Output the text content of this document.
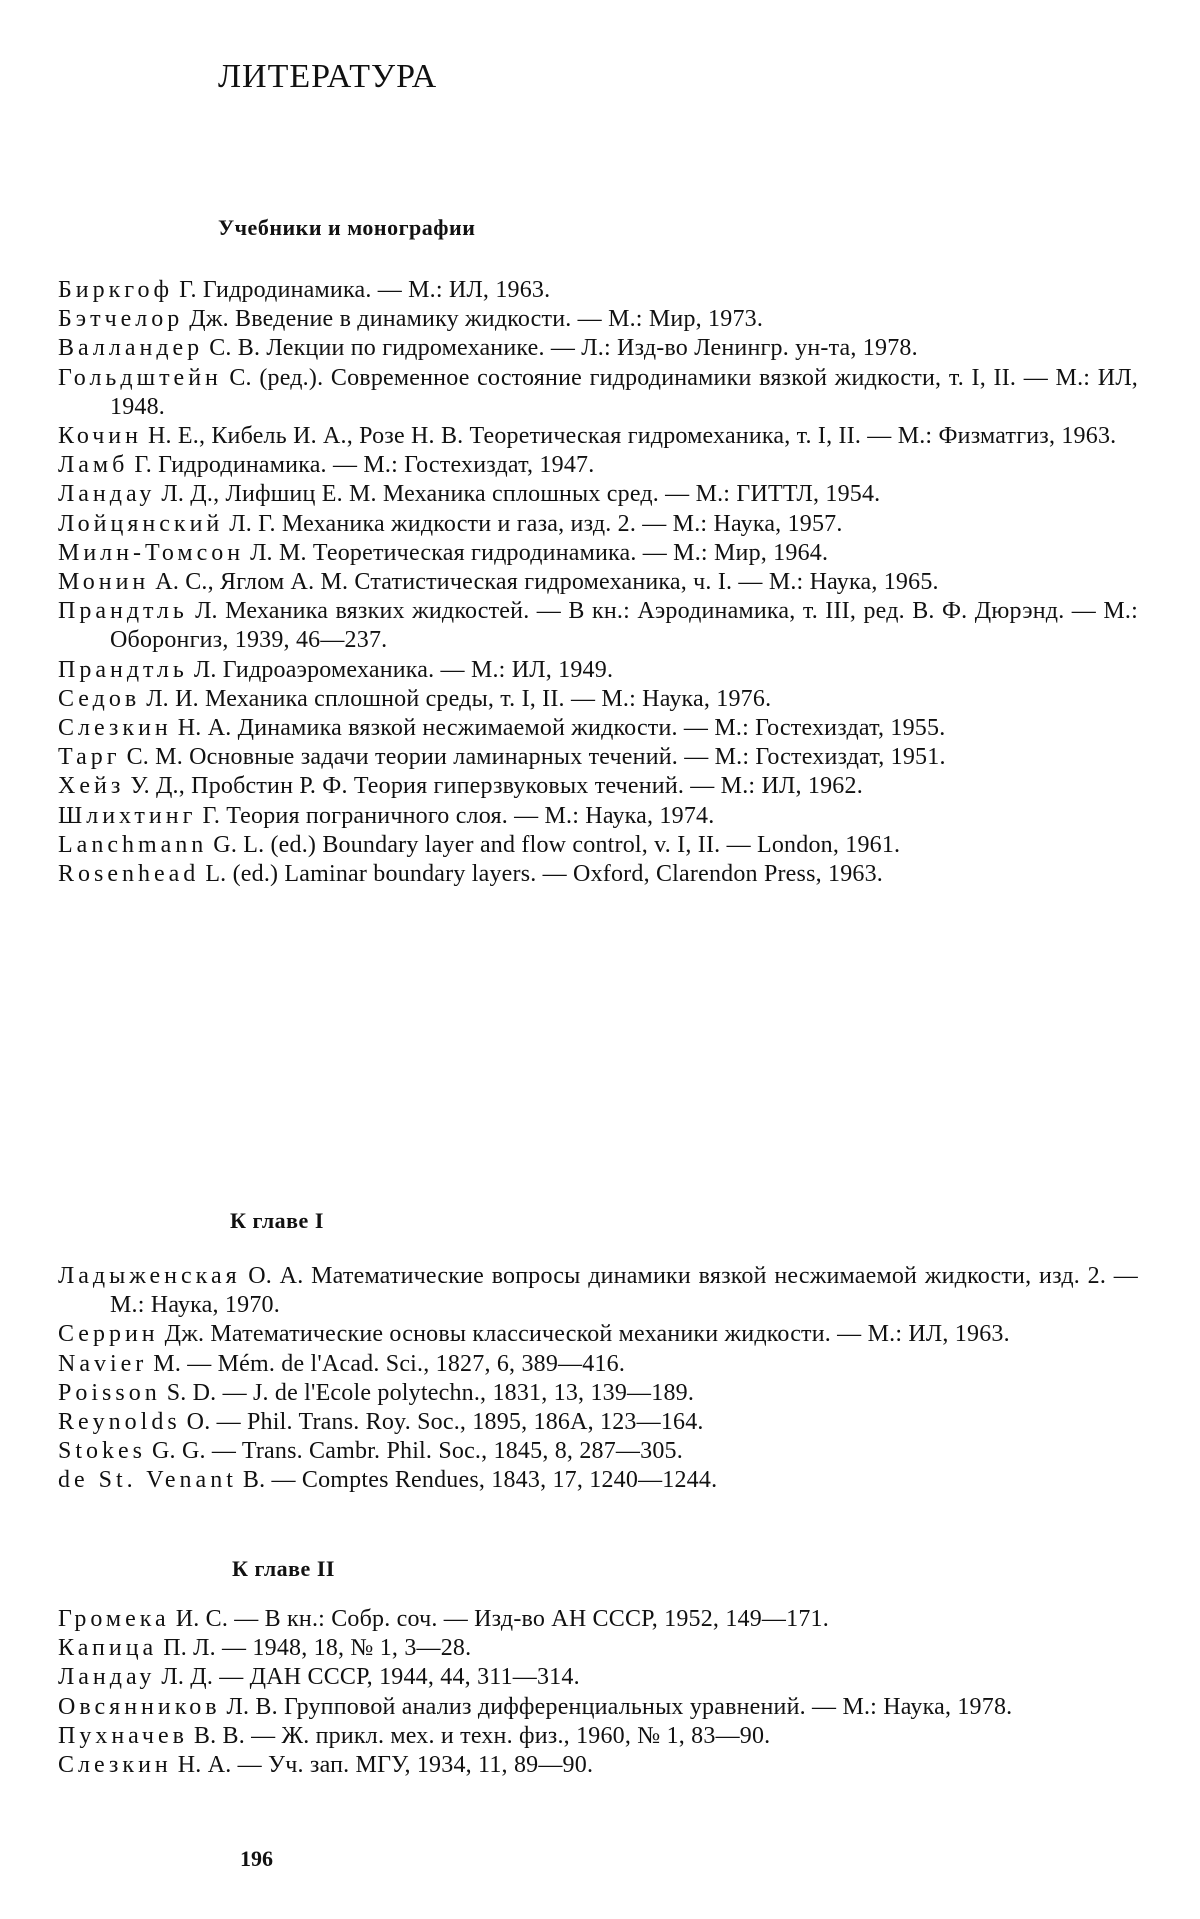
ЛИТЕРАТУРА
Учебники и монографии

Биркгоф Г. Гидродинамика. — М.: ИЛ, 1963.

Бэтчелор Дж. Введение в динамику жидкости. — М.: Мир, 1973.

Валландер С. В. Лекции по гидромеханике. — Л.: Изд-во Ленингр. ун-та, 1978.

Гольдштейн С. (ред.). Современное состояние гидродинамики вязкой жидкости, т. I, II. — М.: ИЛ, 1948.

Кочин Н. Е., Кибель И. А., Розе Н. В. Теоретическая гидромеханика, т. I, II. — М.: Физматгиз, 1963.

Ламб Г. Гидродинамика. — М.: Гостехиздат, 1947.

Ландау Л. Д., Лифшиц Е. М. Механика сплошных сред. — М.: ГИТТЛ, 1954.

Лойцянский Л. Г. Механика жидкости и газа, изд. 2. — М.: Наука, 1957.

Милн-Томсон Л. М. Теоретическая гидродинамика. — М.: Мир, 1964.

Монин А. С., Яглом А. М. Статистическая гидромеханика, ч. I. — М.: Наука, 1965.

Прандтль Л. Механика вязких жидкостей. — В кн.: Аэродинамика, т. III, ред. В. Ф. Дюрэнд. — М.: Оборонгиз, 1939, 46—237.

Прандтль Л. Гидроаэромеханика. — М.: ИЛ, 1949.

Седов Л. И. Механика сплошной среды, т. I, II. — М.: Наука, 1976.

Слезкин Н. А. Динамика вязкой несжимаемой жидкости. — М.: Гостехиздат, 1955.

Тарг С. М. Основные задачи теории ламинарных течений. — М.: Гостехиздат, 1951.

Хейз У. Д., Пробстин Р. Ф. Теория гиперзвуковых течений. — М.: ИЛ, 1962.

Шлихтинг Г. Теория пограничного слоя. — М.: Наука, 1974.

Lanchmann G. L. (ed.) Boundary layer and flow control, v. I, II. — London, 1961.

Rosenhead L. (ed.) Laminar boundary layers. — Oxford, Clarendon Press, 1963.

К главе I

Ладыженская О. А. Математические вопросы динамики вязкой несжимаемой жидкости, изд. 2. — М.: Наука, 1970.

Серрин Дж. Математические основы классической механики жидкости. — М.: ИЛ, 1963.

Navier M. — Mém. de l'Acad. Sci., 1827, 6, 389—416.

Poisson S. D. — J. de l'Ecole polytechn., 1831, 13, 139—189.

Reynolds O. — Phil. Trans. Roy. Soc., 1895, 186A, 123—164.

Stokes G. G. — Trans. Cambr. Phil. Soc., 1845, 8, 287—305.

de St. Venant B. — Comptes Rendues, 1843, 17, 1240—1244.

К главе II

Громека И. С. — В кн.: Собр. соч. — Изд-во АН СССР, 1952, 149—171.

Капица П. Л. — 1948, 18, № 1, 3—28.

Ландау Л. Д. — ДАН СССР, 1944, 44, 311—314.

Овсянников Л. В. Групповой анализ дифференциальных уравнений. — М.: Наука, 1978.

Пухначев В. В. — Ж. прикл. мех. и техн. физ., 1960, № 1, 83—90.

Слезкин Н. А. — Уч. зап. МГУ, 1934, 11, 89—90.

196
